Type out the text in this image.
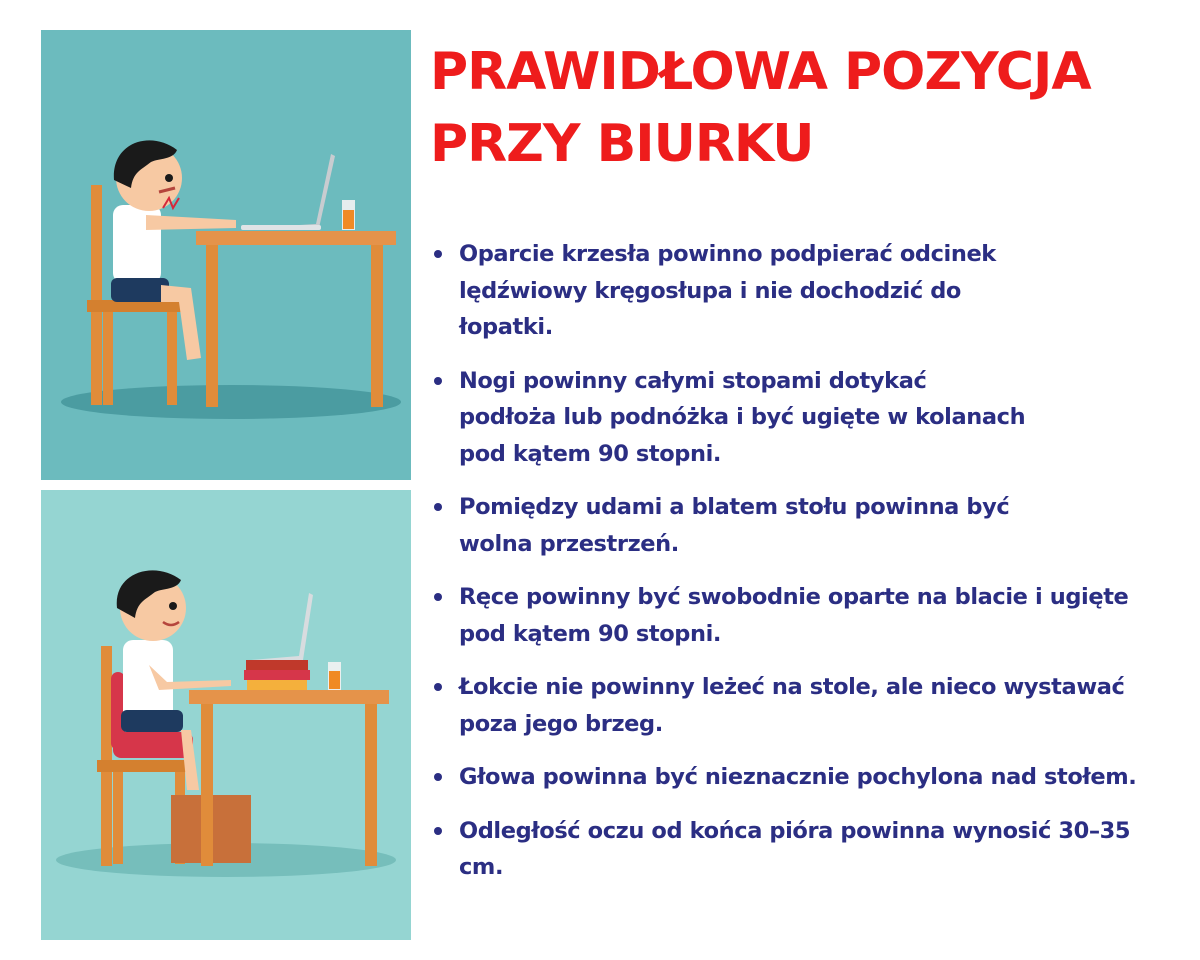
PRAWIDŁOWA POZYCJA
PRZY BIURKU
Oparcie krzesła powinno podpierać odcinek
lędźwiowy kręgosłupa i nie dochodzić do
łopatki.
Nogi powinny całymi stopami dotykać
podłoża lub podnóżka i być ugięte w kolanach
pod kątem 90 stopni.
Pomiędzy udami a blatem stołu powinna być
wolna przestrzeń.
Ręce powinny być swobodnie oparte na blacie i ugięte
pod kątem 90 stopni.
Łokcie nie powinny leżeć na stole, ale nieco wystawać
poza jego brzeg.
Głowa powinna być nieznacznie pochylona nad stołem.
Odległość oczu od końca pióra powinna wynosić 30–35
cm.
